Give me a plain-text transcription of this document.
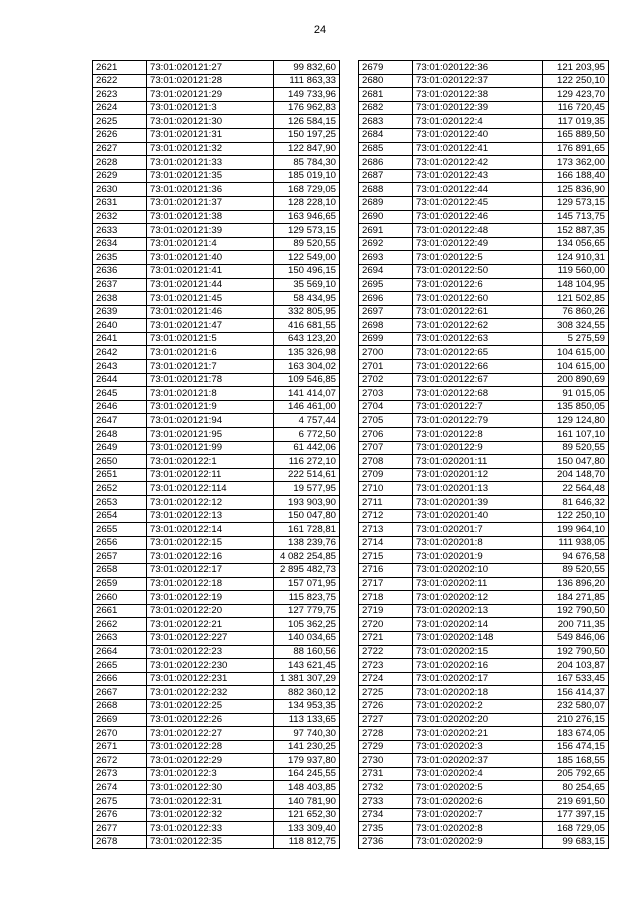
24
2621	73:01:020121:27	99 832,60
2622	73:01:020121:28	111 863,33
2623	73:01:020121:29	149 733,96
2624	73:01:020121:3	176 962,83
2625	73:01:020121:30	126 584,15
2626	73:01:020121:31	150 197,25
2627	73:01:020121:32	122 847,90
2628	73:01:020121:33	85 784,30
2629	73:01:020121:35	185 019,10
2630	73:01:020121:36	168 729,05
2631	73:01:020121:37	128 228,10
2632	73:01:020121:38	163 946,65
2633	73:01:020121:39	129 573,15
2634	73:01:020121:4	89 520,55
2635	73:01:020121:40	122 549,00
2636	73:01:020121:41	150 496,15
2637	73:01:020121:44	35 569,10
2638	73:01:020121:45	58 434,95
2639	73:01:020121:46	332 805,95
2640	73:01:020121:47	416 681,55
2641	73:01:020121:5	643 123,20
2642	73:01:020121:6	135 326,98
2643	73:01:020121:7	163 304,02
2644	73:01:020121:78	109 546,85
2645	73:01:020121:8	141 414,07
2646	73:01:020121:9	146 461,00
2647	73:01:020121:94	4 757,44
2648	73:01:020121:95	6 772,50
2649	73:01:020121:99	61 442,06
2650	73:01:020122:1	116 272,10
2651	73:01:020122:11	222 514,61
2652	73:01:020122:114	19 577,95
2653	73:01:020122:12	193 903,90
2654	73:01:020122:13	150 047,80
2655	73:01:020122:14	161 728,81
2656	73:01:020122:15	138 239,76
2657	73:01:020122:16	4 082 254,85
2658	73:01:020122:17	2 895 482,73
2659	73:01:020122:18	157 071,95
2660	73:01:020122:19	115 823,75
2661	73:01:020122:20	127 779,75
2662	73:01:020122:21	105 362,25
2663	73:01:020122:227	140 034,65
2664	73:01:020122:23	88 160,56
2665	73:01:020122:230	143 621,45
2666	73:01:020122:231	1 381 307,29
2667	73:01:020122:232	882 360,12
2668	73:01:020122:25	134 953,35
2669	73:01:020122:26	113 133,65
2670	73:01:020122:27	97 740,30
2671	73:01:020122:28	141 230,25
2672	73:01:020122:29	179 937,80
2673	73:01:020122:3	164 245,55
2674	73:01:020122:30	148 403,85
2675	73:01:020122:31	140 781,90
2676	73:01:020122:32	121 652,30
2677	73:01:020122:33	133 309,40
2678	73:01:020122:35	118 812,75
2679	73:01:020122:36	121 203,95
2680	73:01:020122:37	122 250,10
2681	73:01:020122:38	129 423,70
2682	73:01:020122:39	116 720,45
2683	73:01:020122:4	117 019,35
2684	73:01:020122:40	165 889,50
2685	73:01:020122:41	176 891,65
2686	73:01:020122:42	173 362,00
2687	73:01:020122:43	166 188,40
2688	73:01:020122:44	125 836,90
2689	73:01:020122:45	129 573,15
2690	73:01:020122:46	145 713,75
2691	73:01:020122:48	152 887,35
2692	73:01:020122:49	134 056,65
2693	73:01:020122:5	124 910,31
2694	73:01:020122:50	119 560,00
2695	73:01:020122:6	148 104,95
2696	73:01:020122:60	121 502,85
2697	73:01:020122:61	76 860,26
2698	73:01:020122:62	308 324,55
2699	73:01:020122:63	5 275,59
2700	73:01:020122:65	104 615,00
2701	73:01:020122:66	104 615,00
2702	73:01:020122:67	200 890,69
2703	73:01:020122:68	91 015,05
2704	73:01:020122:7	135 850,05
2705	73:01:020122:79	129 124,80
2706	73:01:020122:8	161 107,10
2707	73:01:020122:9	89 520,55
2708	73:01:020201:11	150 047,80
2709	73:01:020201:12	204 148,70
2710	73:01:020201:13	22 564,48
2711	73:01:020201:39	81 646,32
2712	73:01:020201:40	122 250,10
2713	73:01:020201:7	199 964,10
2714	73:01:020201:8	111 938,05
2715	73:01:020201:9	94 676,58
2716	73:01:020202:10	89 520,55
2717	73:01:020202:11	136 896,20
2718	73:01:020202:12	184 271,85
2719	73:01:020202:13	192 790,50
2720	73:01:020202:14	200 711,35
2721	73:01:020202:148	549 846,06
2722	73:01:020202:15	192 790,50
2723	73:01:020202:16	204 103,87
2724	73:01:020202:17	167 533,45
2725	73:01:020202:18	156 414,37
2726	73:01:020202:2	232 580,07
2727	73:01:020202:20	210 276,15
2728	73:01:020202:21	183 674,05
2729	73:01:020202:3	156 474,15
2730	73:01:020202:37	185 168,55
2731	73:01:020202:4	205 792,65
2732	73:01:020202:5	80 254,65
2733	73:01:020202:6	219 691,50
2734	73:01:020202:7	177 397,15
2735	73:01:020202:8	168 729,05
2736	73:01:020202:9	99 683,15
